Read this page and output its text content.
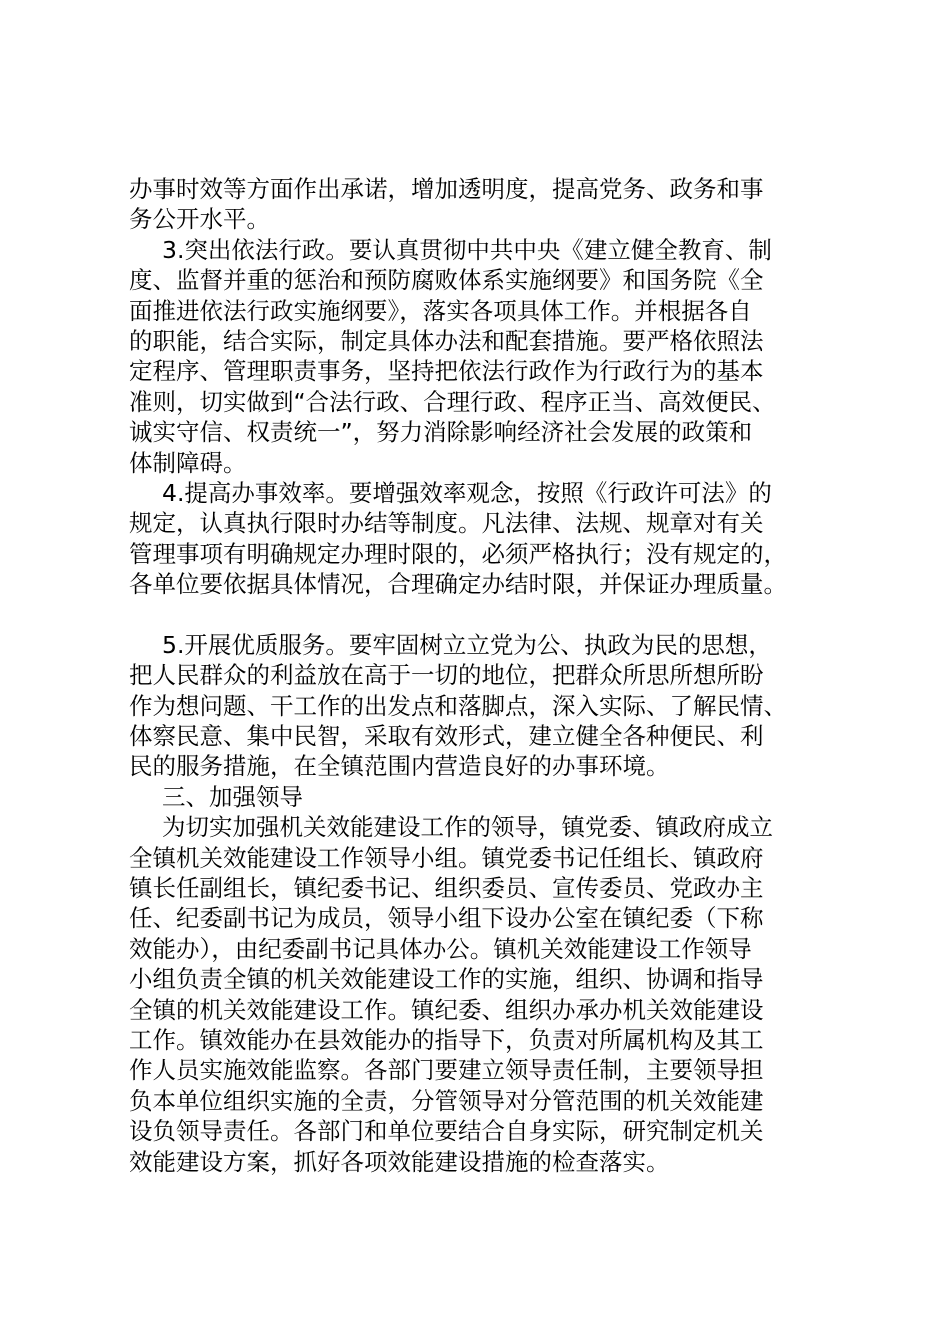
办事时效等方面作出承诺，增加透明度，提高党务、政务和事
务公开水平。
3.突出依法行政。要认真贯彻中共中央《建立健全教育、制
度、监督并重的惩治和预防腐败体系实施纲要》和国务院《全
面推进依法行政实施纲要》，落实各项具体工作。并根据各自
的职能，结合实际，制定具体办法和配套措施。要严格依照法
定程序、管理职责事务，坚持把依法行政作为行政行为的基本
准则，切实做到“合法行政、合理行政、程序正当、高效便民、
诚实守信、权责统一”，努力消除影响经济社会发展的政策和
体制障碍。
4.提高办事效率。要增强效率观念，按照《行政许可法》的
规定，认真执行限时办结等制度。凡法律、法规、规章对有关
管理事项有明确规定办理时限的，必须严格执行；没有规定的，
各单位要依据具体情况，合理确定办结时限，并保证办理质量。
5.开展优质服务。要牢固树立立党为公、执政为民的思想，
把人民群众的利益放在高于一切的地位，把群众所思所想所盼
作为想问题、干工作的出发点和落脚点，深入实际、了解民情、
体察民意、集中民智，采取有效形式，建立健全各种便民、利
民的服务措施，在全镇范围内营造良好的办事环境。
三、加强领导
为切实加强机关效能建设工作的领导，镇党委、镇政府成立
全镇机关效能建设工作领导小组。镇党委书记任组长、镇政府
镇长任副组长，镇纪委书记、组织委员、宣传委员、党政办主
任、纪委副书记为成员，领导小组下设办公室在镇纪委（下称
效能办），由纪委副书记具体办公。镇机关效能建设工作领导
小组负责全镇的机关效能建设工作的实施，组织、协调和指导
全镇的机关效能建设工作。镇纪委、组织办承办机关效能建设
工作。镇效能办在县效能办的指导下，负责对所属机构及其工
作人员实施效能监察。各部门要建立领导责任制，主要领导担
负本单位组织实施的全责，分管领导对分管范围的机关效能建
设负领导责任。各部门和单位要结合自身实际，研究制定机关
效能建设方案，抓好各项效能建设措施的检查落实。
